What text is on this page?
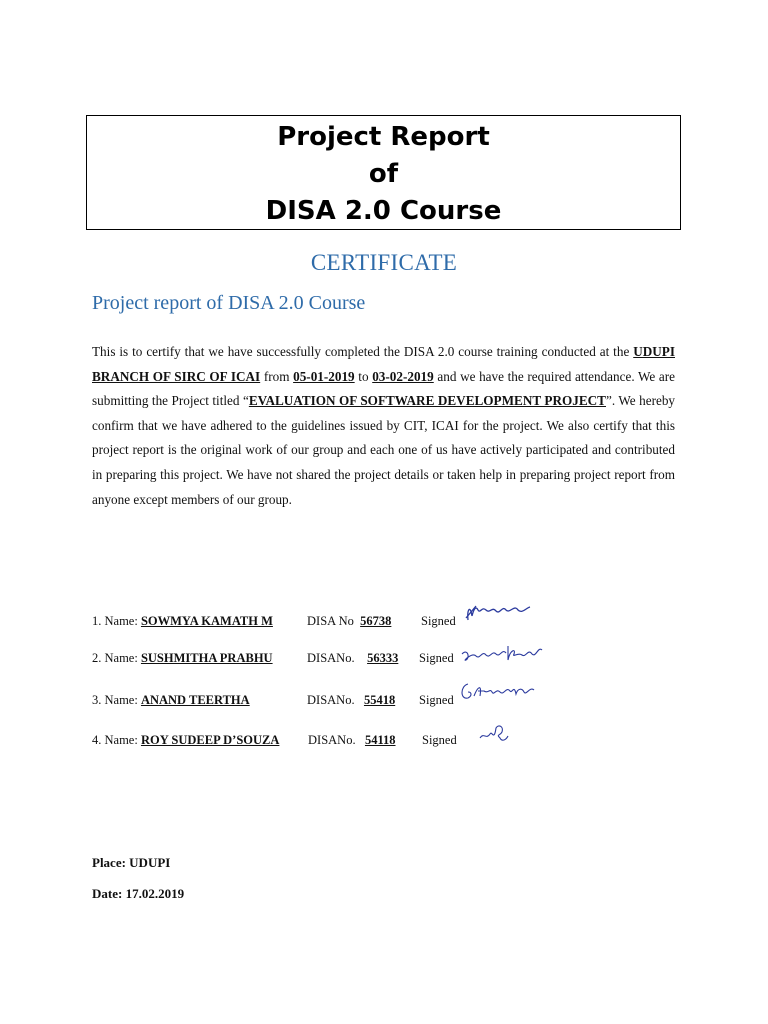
Project Report
of
DISA 2.0 Course
CERTIFICATE
Project report of DISA 2.0 Course
This is to certify that we have successfully completed the DISA 2.0 course training conducted at the UDUPI BRANCH OF SIRC OF ICAI from 05-01-2019 to 03-02-2019 and we have the required attendance. We are submitting the Project titled “EVALUATION OF SOFTWARE DEVELOPMENT PROJECT”. We hereby confirm that we have adhered to the guidelines issued by CIT, ICAI for the project. We also certify that this project report is the original work of our group and each one of us have actively participated and contributed in preparing this project. We have not shared the project details or taken help in preparing project report from anyone except members of our group.
1. Name: SOWMYA KAMATH M	DISA No 56738 Signed
2. Name: SUSHMITHA PRABHU	DISANo. 56333 Signed
3. Name: ANAND TEERTHA	DISANo. 55418 Signed
4. Name: ROY SUDEEP D’SOUZA DISANo. 54118 Signed
Place: UDUPI
Date: 17.02.2019
